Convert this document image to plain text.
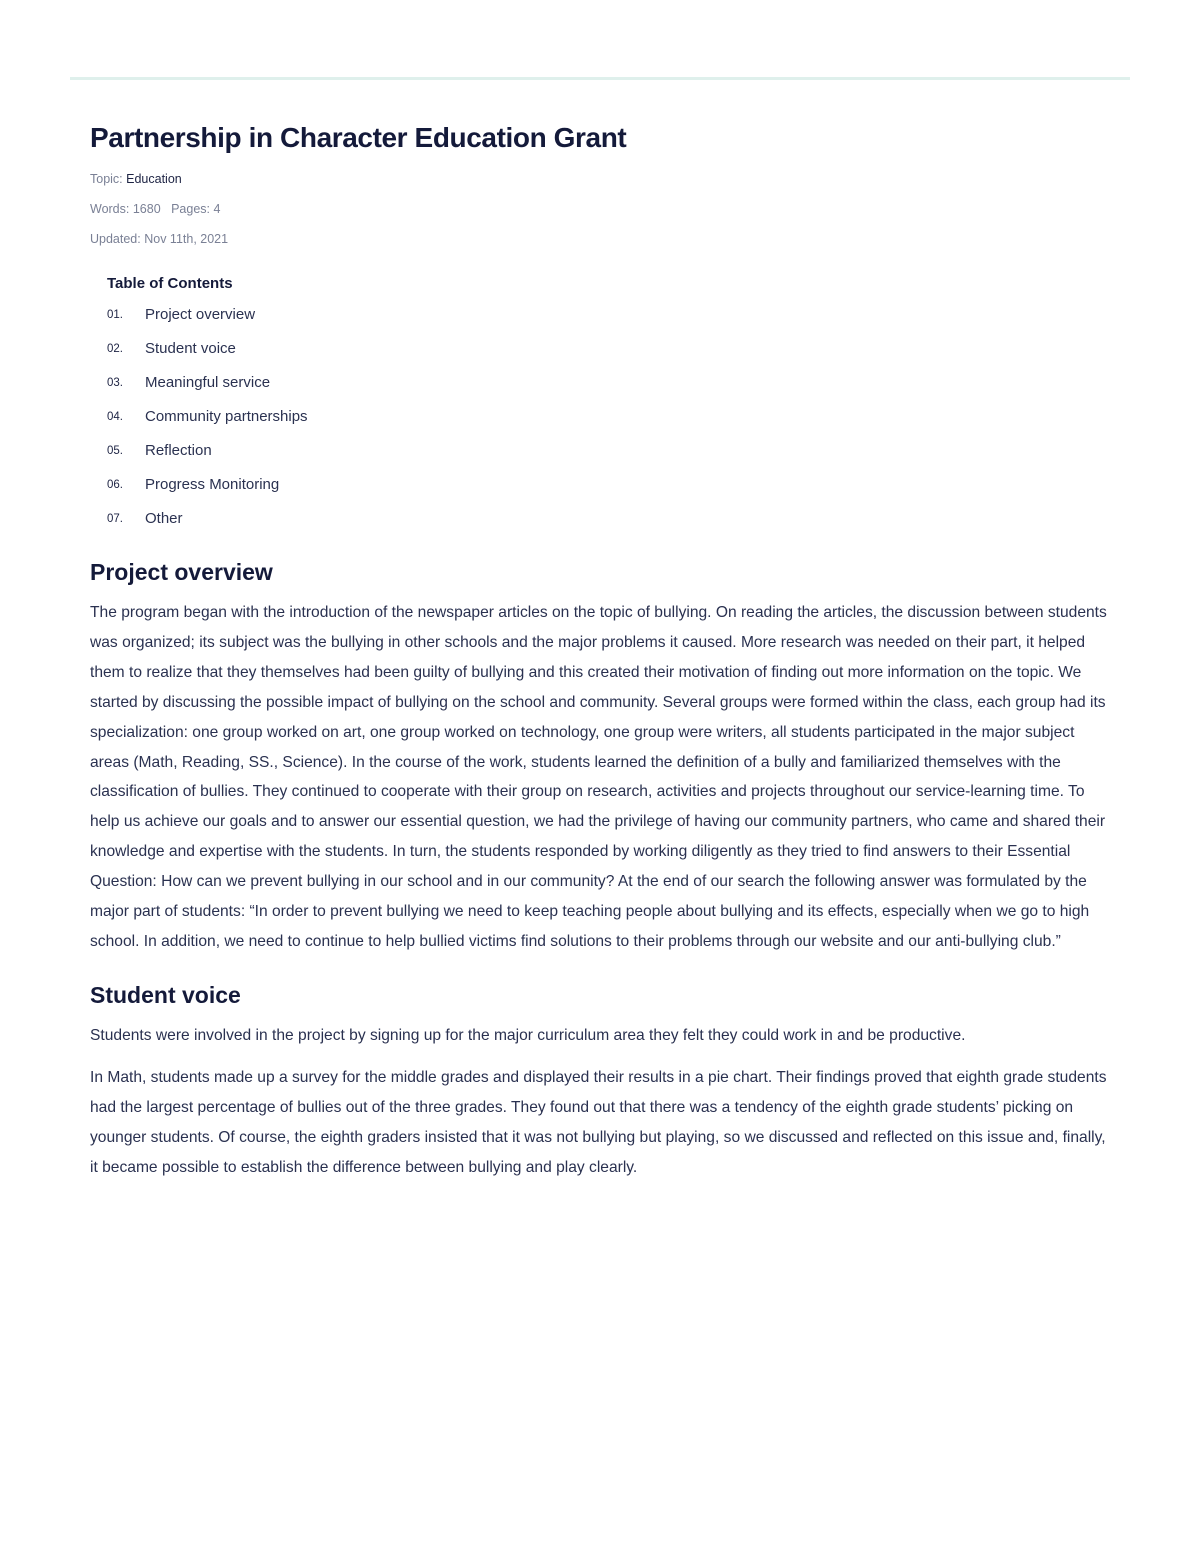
Partnership in Character Education Grant
Topic: Education
Words: 1680 Pages: 4
Updated: Nov 11th, 2021
Table of Contents
01.	Project overview
02.	Student voice
03.	Meaningful service
04.	Community partnerships
05.	Reflection
06.	Progress Monitoring
07.	Other
Project overview

The program began with the introduction of the newspaper articles on the topic of bullying. On reading the articles, the discussion between students was organized; its subject was the bullying in other schools and the major problems it caused. More research was needed on their part, it helped them to realize that they themselves had been guilty of bullying and this created their motivation of finding out more information on the topic. We started by discussing the possible impact of bullying on the school and community. Several groups were formed within the class, each group had its specialization: one group worked on art, one group worked on technology, one group were writers, all students participated in the major subject areas (Math, Reading, SS., Science). In the course of the work, students learned the definition of a bully and familiarized themselves with the classification of bullies. They continued to cooperate with their group on research, activities and projects throughout our service-learning time. To help us achieve our goals and to answer our essential question, we had the privilege of having our community partners, who came and shared their knowledge and expertise with the students. In turn, the students responded by working diligently as they tried to find answers to their Essential Question: How can we prevent bullying in our school and in our community? At the end of our search the following answer was formulated by the major part of students: “In order to prevent bullying we need to keep teaching people about bullying and its effects, especially when we go to high school. In addition, we need to continue to help bullied victims find solutions to their problems through our website and our anti-bullying club.”

Student voice

Students were involved in the project by signing up for the major curriculum area they felt they could work in and be productive.

In Math, students made up a survey for the middle grades and displayed their results in a pie chart. Their findings proved that eighth grade students had the largest percentage of bullies out of the three grades. They found out that there was a tendency of the eighth grade students’ picking on younger students. Of course, the eighth graders insisted that it was not bullying but playing, so we discussed and reflected on this issue and, finally, it became possible to establish the difference between bullying and play clearly.
